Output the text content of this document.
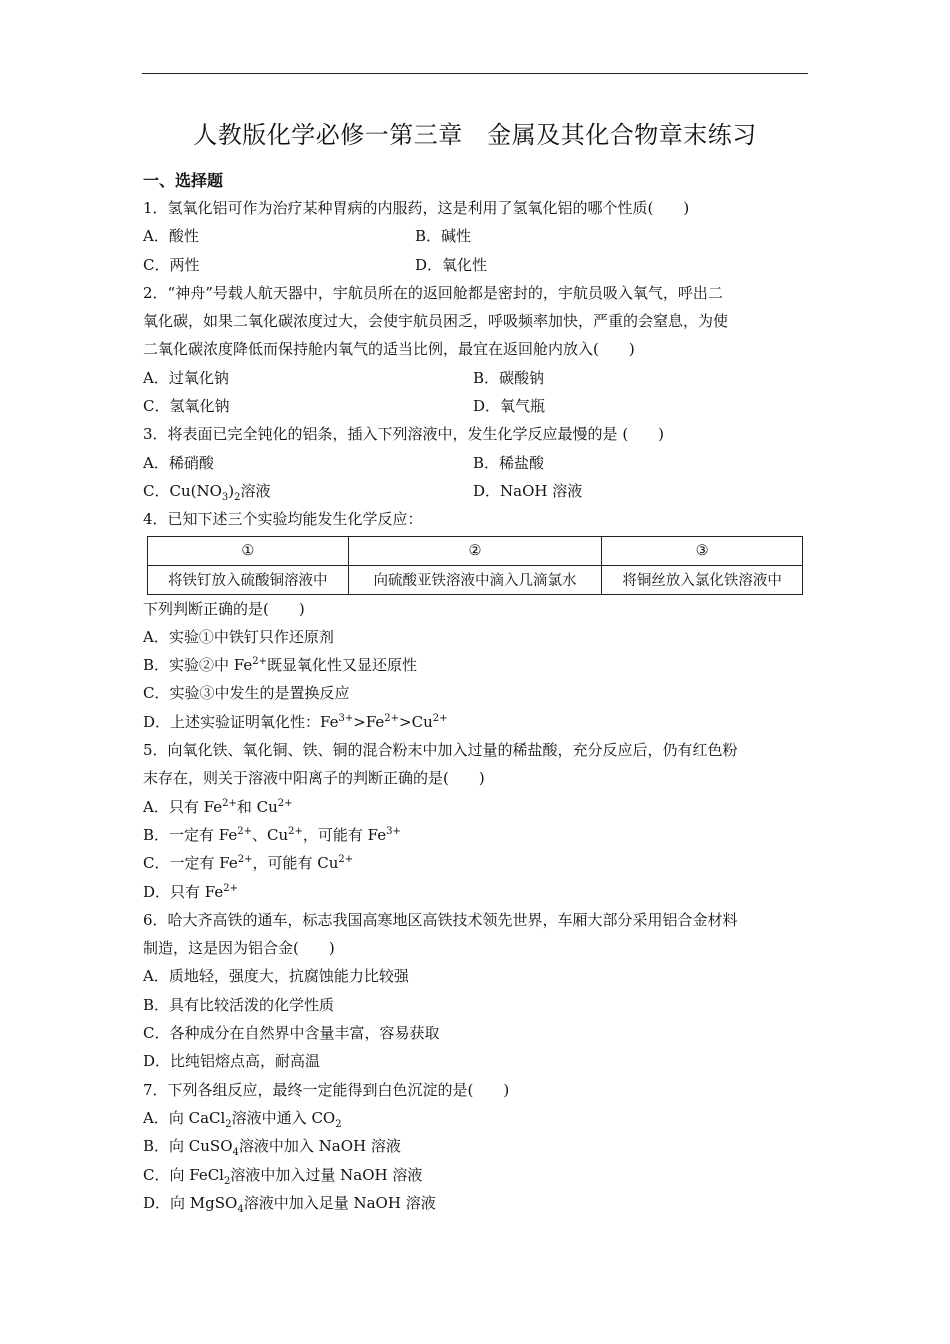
人教版化学必修一第三章　金属及其化合物章末练习
一、选择题
1．氢氧化铝可作为治疗某种胃病的内服药，这是利用了氢氧化铝的哪个性质(　　)
A．酸性	B．碱性
C．两性	D．氧化性
2．“神舟”号载人航天器中，宇航员所在的返回舱都是密封的，宇航员吸入氧气，呼出二
氧化碳，如果二氧化碳浓度过大，会使宇航员困乏，呼吸频率加快，严重的会窒息，为使
二氧化碳浓度降低而保持舱内氧气的适当比例，最宜在返回舱内放入(　　)
A．过氧化钠	B．碳酸钠
C．氢氧化钠	D．氧气瓶
3．将表面已完全钝化的铝条，插入下列溶液中，发生化学反应最慢的是 (　　)
A．稀硝酸	B．稀盐酸
C．$Cu(NO_3)_2$溶液	D．NaOH 溶液
4．已知下述三个实验均能发生化学反应：
①	②	③
将铁钉放入硫酸铜溶液中	向硫酸亚铁溶液中滴入几滴氯水	将铜丝放入氯化铁溶液中
下列判断正确的是(　　)
A．实验①中铁钉只作还原剂
B．实验②中 $Fe^{2+}$既显氧化性又显还原性
C．实验③中发生的是置换反应
D．上述实验证明氧化性：$Fe^{3+}>Fe^{2+}>Cu^{2+}$
5．向氧化铁、氧化铜、铁、铜的混合粉末中加入过量的稀盐酸，充分反应后，仍有红色粉
末存在，则关于溶液中阳离子的判断正确的是(　　)
A．只有 $Fe^{2+}$和 $Cu^{2+}$
B．一定有 $Fe^{2+}$、$Cu^{2+}$，可能有 $Fe^{3+}$
C．一定有 $Fe^{2+}$，可能有 $Cu^{2+}$
D．只有 $Fe^{2+}$
6．哈大齐高铁的通车，标志我国高寒地区高铁技术领先世界，车厢大部分采用铝合金材料
制造，这是因为铝合金(　　)
A．质地轻，强度大，抗腐蚀能力比较强
B．具有比较活泼的化学性质
C．各种成分在自然界中含量丰富，容易获取
D．比纯铝熔点高，耐高温
7．下列各组反应，最终一定能得到白色沉淀的是(　　)
A．向 CaCl$_2$溶液中通入 $CO_2$
B．向 CuSO$_4$溶液中加入 NaOH 溶液
C．向 FeCl$_2$溶液中加入过量 NaOH 溶液
D．向 MgSO$_4$溶液中加入足量 NaOH 溶液
